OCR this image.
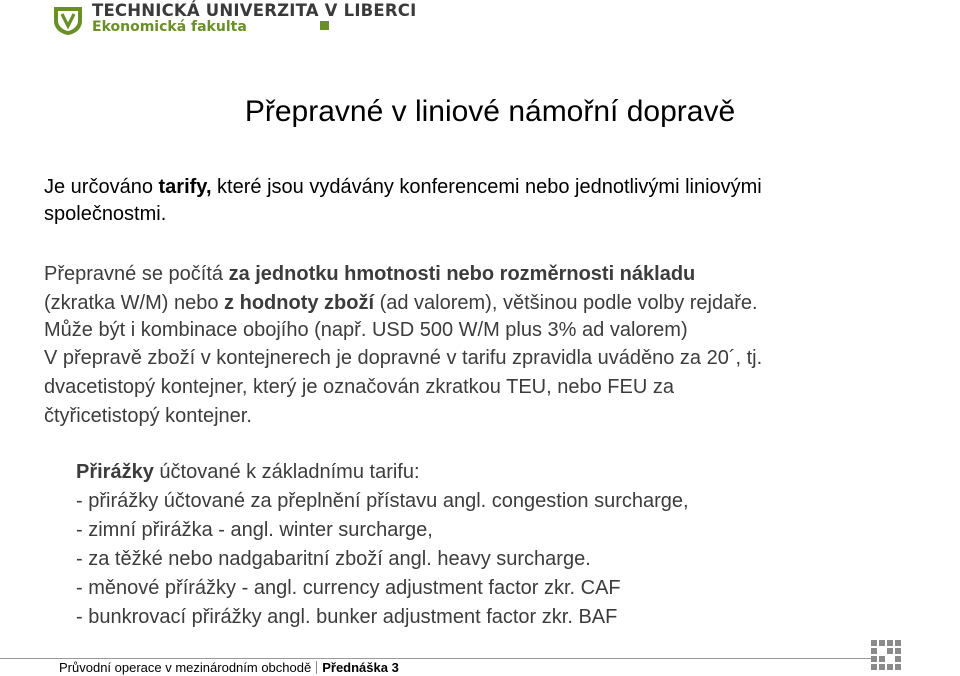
TECHNICKÁ UNIVERZITA V LIBERCI
Ekonomická fakulta
Přepravné v liniové námořní dopravě

Je určováno tarify, které jsou vydávány konferencemi nebo jednotlivými liniovými

společnostmi.

Přepravné se počítá za jednotku hmotnosti nebo rozměrnosti nákladu

(zkratka W/M) nebo z hodnoty zboží (ad valorem), většinou podle volby rejdaře.

Může být i kombinace obojího (např. USD 500 W/M plus 3% ad valorem)

V přepravě zboží v kontejnerech je dopravné v tarifu zpravidla uváděno za 20´, tj.

dvacetistopý kontejner, který je označován zkratkou TEU, nebo FEU za

čtyřicetistopý kontejner.

Přirážky účtované k základnímu tarifu:

- přirážky účtované za přeplnění přístavu angl. congestion surcharge,

- zimní přirážka - angl. winter surcharge,

- za těžké nebo nadgabaritní zboží angl. heavy surcharge.

- měnové přírážky - angl. currency adjustment factor zkr. CAF

- bunkrovací přirážky angl. bunker adjustment factor zkr. BAF

Průvodní operace v mezinárodním obchodě Přednáška 3
